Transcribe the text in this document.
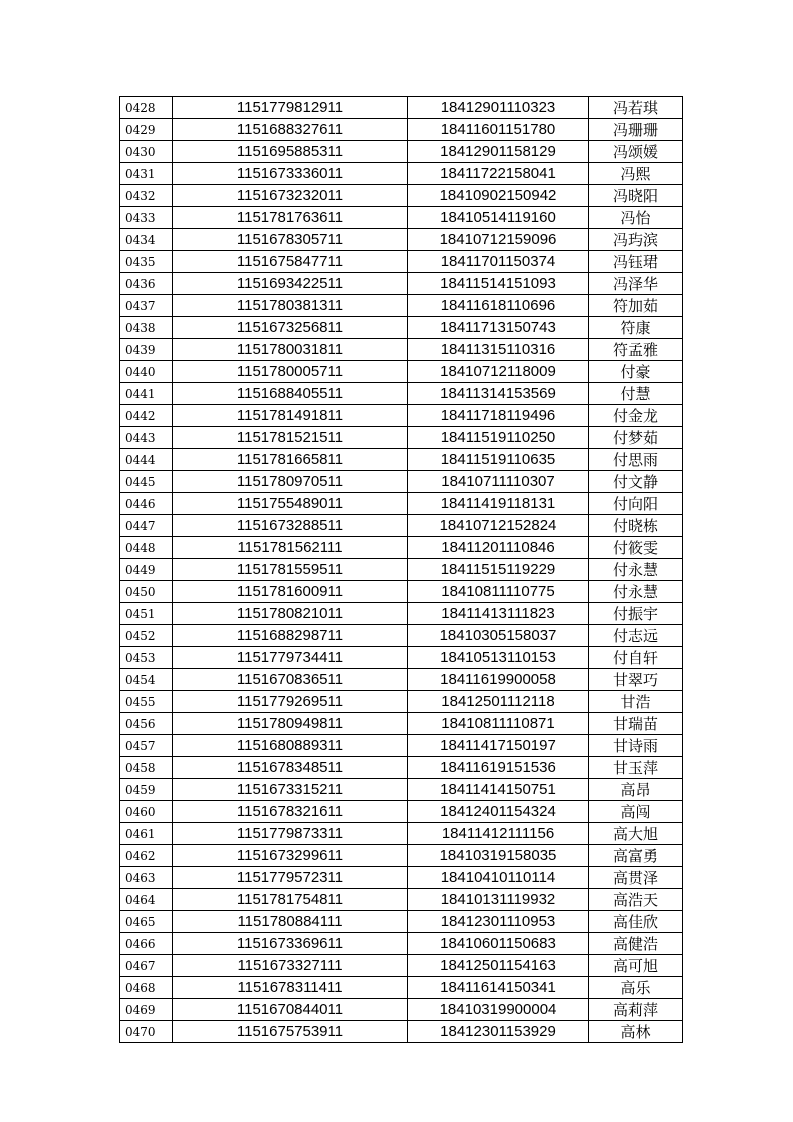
0428	1151779812911	18412901110323	冯若琪
0429	1151688327611	18411601151780	冯珊珊
0430	1151695885311	18412901158129	冯颂媛
0431	1151673336011	18411722158041	冯熙
0432	1151673232011	18410902150942	冯晓阳
0433	1151781763611	18410514119160	冯怡
0434	1151678305711	18410712159096	冯玙滨
0435	1151675847711	18411701150374	冯钰珺
0436	1151693422511	18411514151093	冯泽华
0437	1151780381311	18411618110696	符加茹
0438	1151673256811	18411713150743	符康
0439	1151780031811	18411315110316	符孟雅
0440	1151780005711	18410712118009	付豪
0441	1151688405511	18411314153569	付慧
0442	1151781491811	18411718119496	付金龙
0443	1151781521511	18411519110250	付梦茹
0444	1151781665811	18411519110635	付思雨
0445	1151780970511	18410711110307	付文静
0446	1151755489011	18411419118131	付向阳
0447	1151673288511	18410712152824	付晓栋
0448	1151781562111	18411201110846	付筱雯
0449	1151781559511	18411515119229	付永慧
0450	1151781600911	18410811110775	付永慧
0451	1151780821011	18411413111823	付振宇
0452	1151688298711	18410305158037	付志远
0453	1151779734411	18410513110153	付自轩
0454	1151670836511	18411619900058	甘翠巧
0455	1151779269511	18412501112118	甘浩
0456	1151780949811	18410811110871	甘瑞苗
0457	1151680889311	18411417150197	甘诗雨
0458	1151678348511	18411619151536	甘玉萍
0459	1151673315211	18411414150751	高昂
0460	1151678321611	18412401154324	高闯
0461	1151779873311	18411412111156	高大旭
0462	1151673299611	18410319158035	高富勇
0463	1151779572311	18410410110114	高贯泽
0464	1151781754811	18410131119932	高浩天
0465	1151780884111	18412301110953	高佳欣
0466	1151673369611	18410601150683	高健浩
0467	1151673327111	18412501154163	高可旭
0468	1151678311411	18411614150341	高乐
0469	1151670844011	18410319900004	高莉萍
0470	1151675753911	18412301153929	高林
